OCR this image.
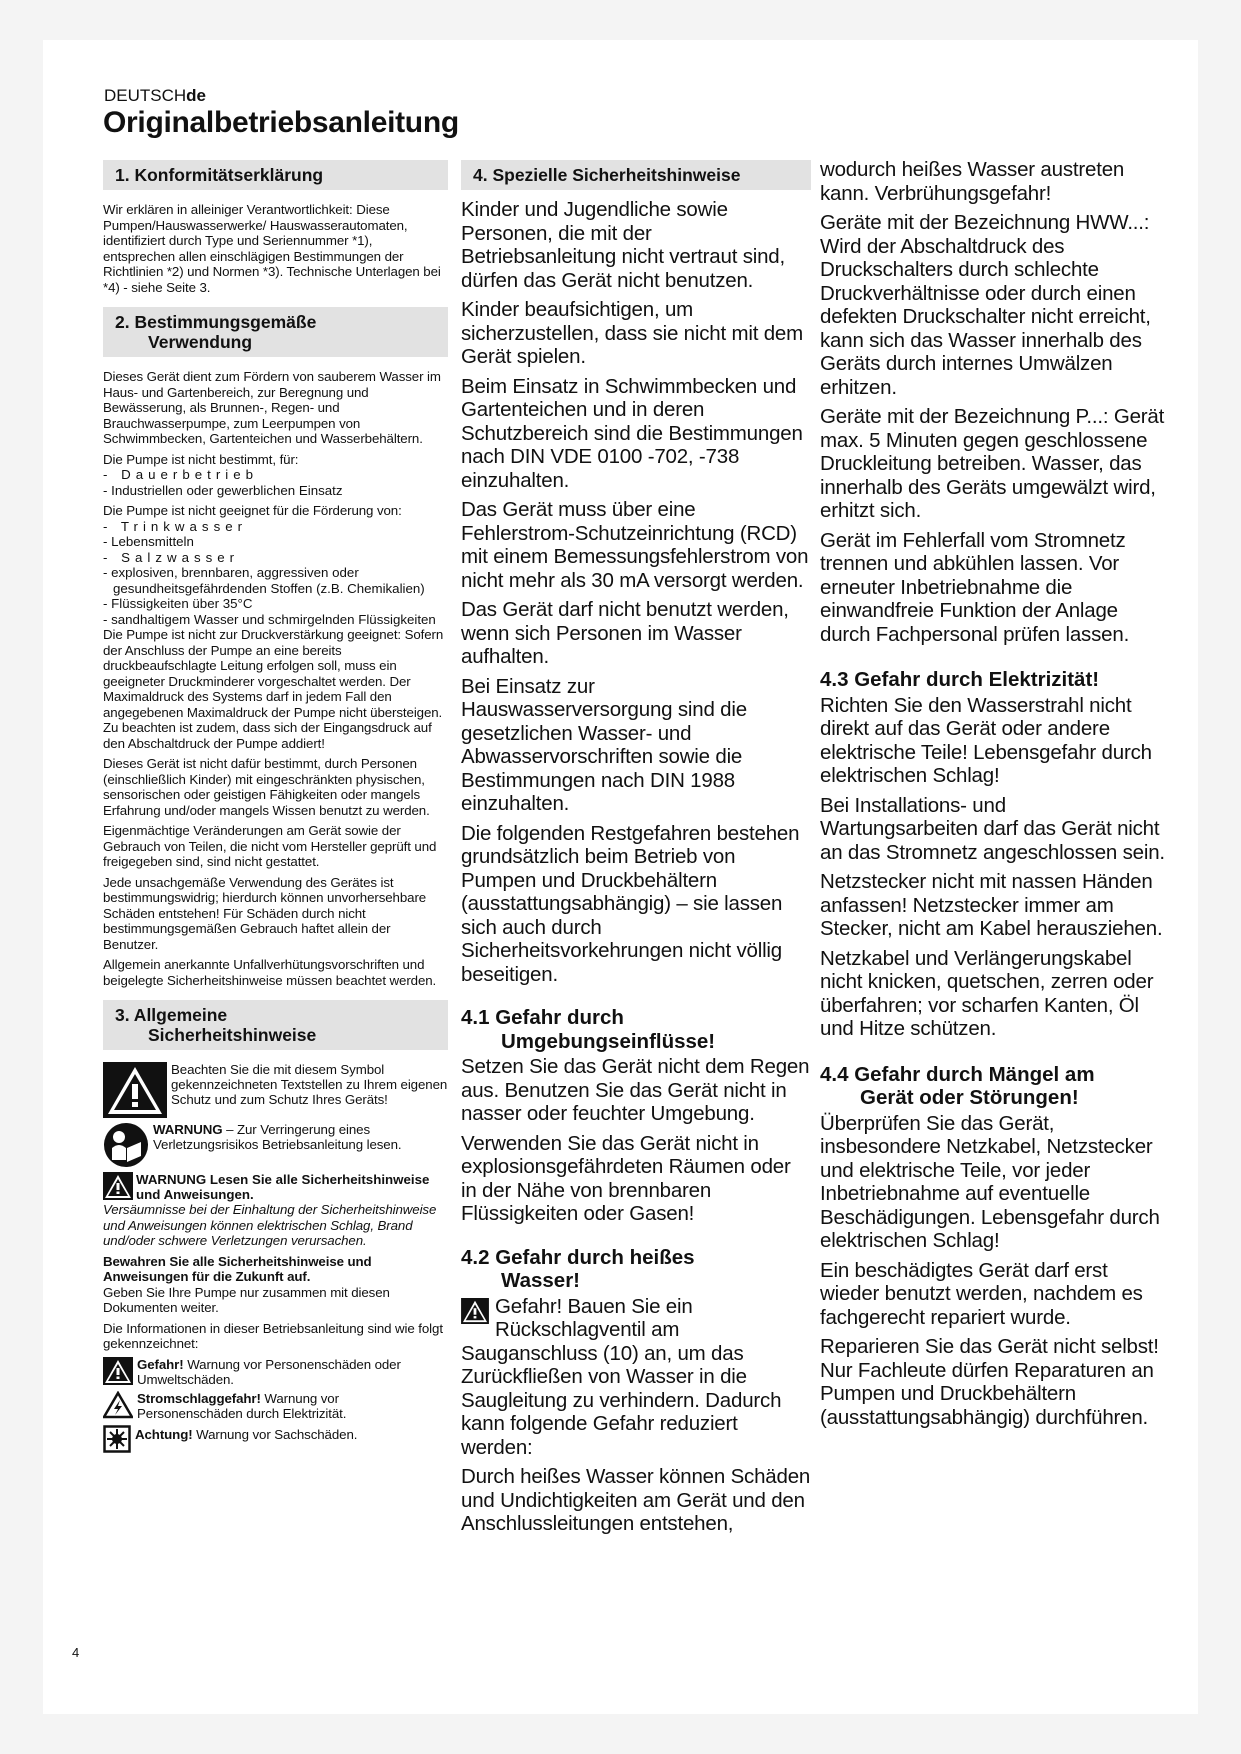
DEUTSCHde
Originalbetriebsanleitung
1. Konformitätserklärung

Wir erklären in alleiniger Verantwortlichkeit: Diese Pumpen/Hauswasserwerke/ Hauswasserautomaten, identifiziert durch Type und Seriennummer *1), entsprechen allen einschlägigen Bestimmungen der Richtlinien *2) und Normen *3). Technische Unterlagen bei *4) - siehe Seite 3.

2. Bestimmungsgemäße
Verwendung

Dieses Gerät dient zum Fördern von sauberem Wasser im Haus- und Gartenbereich, zur Beregnung und Bewässerung, als Brunnen-, Regen- und Brauchwasserpumpe, zum Leerpumpen von Schwimmbecken, Gartenteichen und Wasserbehältern.

Die Pumpe ist nicht bestimmt, für:

- Dauerbetrieb
- Industriellen oder gewerblichen Einsatz

Die Pumpe ist nicht geeignet für die Förderung von:

- Trinkwasser
- Lebensmitteln
- Salzwasser
- explosiven, brennbaren, aggressiven oder gesundheitsgefährdenden Stoffen (z.B. Chemikalien)
- Flüssigkeiten über 35°C
- sandhaltigem Wasser und schmirgelnden Flüssigkeiten

Die Pumpe ist nicht zur Druckverstärkung geeignet: Sofern der Anschluss der Pumpe an eine bereits druckbeaufschlagte Leitung erfolgen soll, muss ein geeigneter Druckminderer vorgeschaltet werden. Der Maximaldruck des Systems darf in jedem Fall den angegebenen Maximaldruck der Pumpe nicht übersteigen. Zu beachten ist zudem, dass sich der Eingangsdruck auf den Abschaltdruck der Pumpe addiert!

Dieses Gerät ist nicht dafür bestimmt, durch Personen (einschließlich Kinder) mit eingeschränkten physischen, sensorischen oder geistigen Fähigkeiten oder mangels Erfahrung und/oder mangels Wissen benutzt zu werden.

Eigenmächtige Veränderungen am Gerät sowie der Gebrauch von Teilen, die nicht vom Hersteller geprüft und freigegeben sind, sind nicht gestattet.

Jede unsachgemäße Verwendung des Gerätes ist bestimmungswidrig; hierdurch können unvorhersehbare Schäden entstehen! Für Schäden durch nicht bestimmungsgemäßen Gebrauch haftet allein der Benutzer.

Allgemein anerkannte Unfallverhütungsvorschriften und beigelegte Sicherheitshinweise müssen beachtet werden.

3. Allgemeine
Sicherheitshinweise

Beachten Sie die mit diesem Symbol gekennzeichneten Textstellen zu Ihrem eigenen Schutz und zum Schutz Ihres Geräts!

WARNUNG – Zur Verringerung eines Verletzungsrisikos Betriebsanleitung lesen.

WARNUNG Lesen Sie alle Sicherheitshinweise und Anweisungen.

Versäumnisse bei der Einhaltung der Sicherheitshinweise und Anweisungen können elektrischen Schlag, Brand und/oder schwere Verletzungen verursachen.

Bewahren Sie alle Sicherheitshinweise und Anweisungen für die Zukunft auf.

Geben Sie Ihre Pumpe nur zusammen mit diesen Dokumenten weiter.

Die Informationen in dieser Betriebsanleitung sind wie folgt gekennzeichnet:

Gefahr! Warnung vor Personenschäden oder Umweltschäden.

Stromschlaggefahr! Warnung vor Personenschäden durch Elektrizität.

Achtung! Warnung vor Sachschäden.

4. Spezielle Sicherheitshinweise

Kinder und Jugendliche sowie Personen, die mit der Betriebsanleitung nicht vertraut sind, dürfen das Gerät nicht benutzen.

Kinder beaufsichtigen, um sicherzustellen, dass sie nicht mit dem Gerät spielen.

Beim Einsatz in Schwimmbecken und Gartenteichen und in deren Schutzbereich sind die Bestimmungen nach DIN VDE 0100 -702, -738 einzuhalten.

Das Gerät muss über eine Fehlerstrom-Schutzeinrichtung (RCD) mit einem Bemessungsfehlerstrom von nicht mehr als 30 mA versorgt werden.

Das Gerät darf nicht benutzt werden, wenn sich Personen im Wasser aufhalten.

Bei Einsatz zur Hauswasserversorgung sind die gesetzlichen Wasser- und Abwasservorschriften sowie die Bestimmungen nach DIN 1988 einzuhalten.

Die folgenden Restgefahren bestehen grundsätzlich beim Betrieb von Pumpen und Druckbehältern (ausstattungsabhängig) – sie lassen sich auch durch Sicherheitsvorkehrungen nicht völlig beseitigen.

4.1 Gefahr durch
Umgebungseinflüsse!

Setzen Sie das Gerät nicht dem Regen aus. Benutzen Sie das Gerät nicht in nasser oder feuchter Umgebung.

Verwenden Sie das Gerät nicht in explosionsgefährdeten Räumen oder in der Nähe von brennbaren Flüssigkeiten oder Gasen!

4.2 Gefahr durch heißes
Wasser!

Gefahr! Bauen Sie ein Rückschlagventil am Sauganschluss (10) an, um das Zurückfließen von Wasser in die Saugleitung zu verhindern. Dadurch kann folgende Gefahr reduziert werden:

Durch heißes Wasser können Schäden und Undichtigkeiten am Gerät und den Anschlussleitungen entstehen,

wodurch heißes Wasser austreten kann. Verbrühungsgefahr!

Geräte mit der Bezeichnung HWW...: Wird der Abschaltdruck des Druckschalters durch schlechte Druckverhältnisse oder durch einen defekten Druckschalter nicht erreicht, kann sich das Wasser innerhalb des Geräts durch internes Umwälzen erhitzen.

Geräte mit der Bezeichnung P...: Gerät max. 5 Minuten gegen geschlossene Druckleitung betreiben. Wasser, das innerhalb des Geräts umgewälzt wird, erhitzt sich.

Gerät im Fehlerfall vom Stromnetz trennen und abkühlen lassen. Vor erneuter Inbetriebnahme die einwandfreie Funktion der Anlage durch Fachpersonal prüfen lassen.

4.3 Gefahr durch Elektrizität!

Richten Sie den Wasserstrahl nicht direkt auf das Gerät oder andere elektrische Teile! Lebensgefahr durch elektrischen Schlag!

Bei Installations- und Wartungsarbeiten darf das Gerät nicht an das Stromnetz angeschlossen sein.

Netzstecker nicht mit nassen Händen anfassen! Netzstecker immer am Stecker, nicht am Kabel herausziehen.

Netzkabel und Verlängerungskabel nicht knicken, quetschen, zerren oder überfahren; vor scharfen Kanten, Öl und Hitze schützen.

4.4 Gefahr durch Mängel am
Gerät oder Störungen!

Überprüfen Sie das Gerät, insbesondere Netzkabel, Netzstecker und elektrische Teile, vor jeder Inbetriebnahme auf eventuelle Beschädigungen. Lebensgefahr durch elektrischen Schlag!

Ein beschädigtes Gerät darf erst wieder benutzt werden, nachdem es fachgerecht repariert wurde.

Reparieren Sie das Gerät nicht selbst! Nur Fachleute dürfen Reparaturen an Pumpen und Druckbehältern (ausstattungsabhängig) durchführen.

4
